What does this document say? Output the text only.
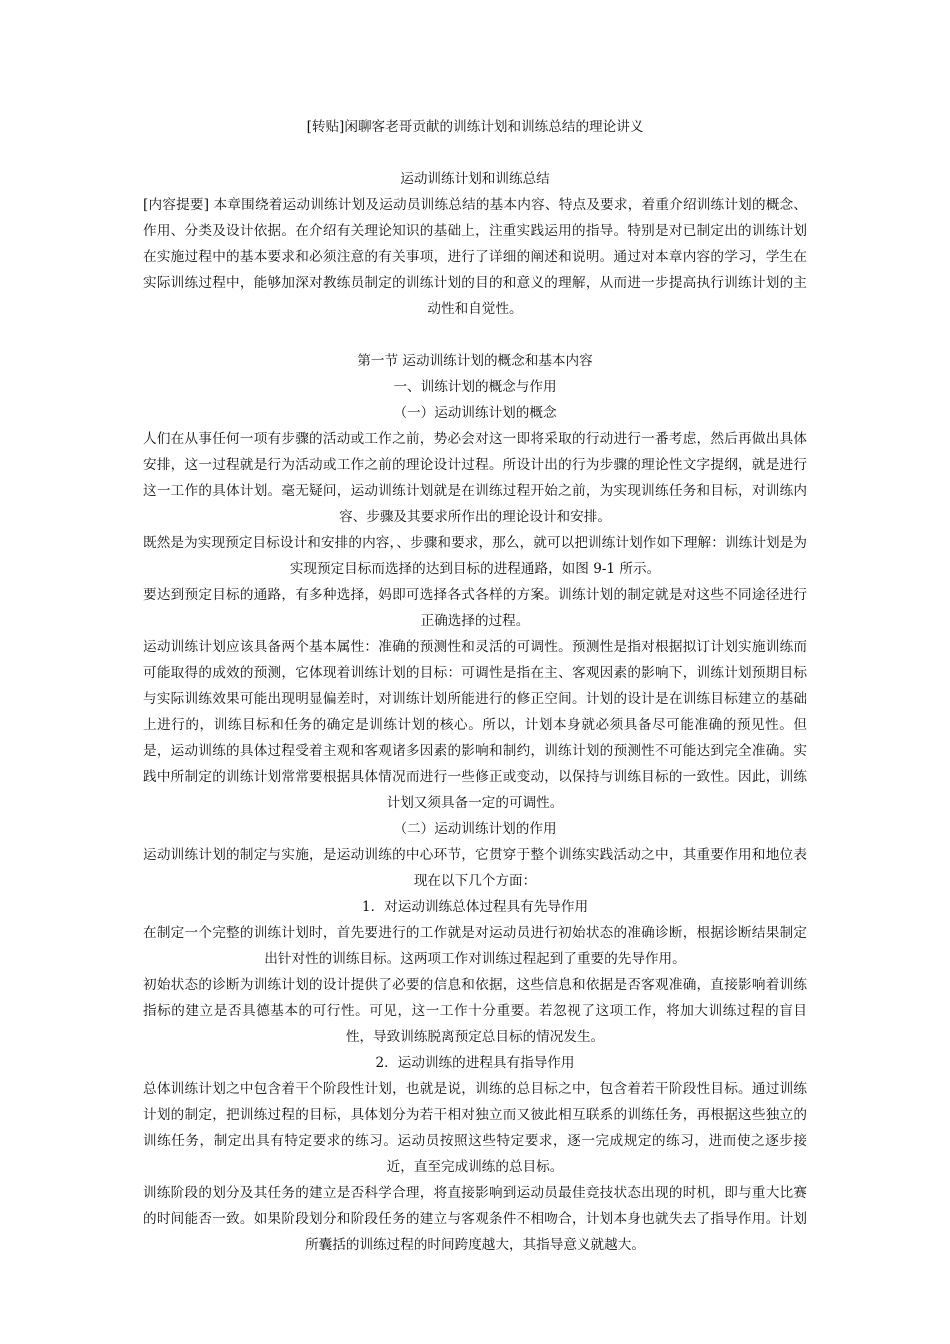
[转贴]闲聊客老哥贡献的训练计划和训练总结的理论讲义

运动训练计划和训练总结

[内容提要] 本章围绕着运动训练计划及运动员训练总结的基本内容、特点及要求，着重介绍训练计划的概念、作用、分类及设计依据。在介绍有关理论知识的基础上，注重实践运用的指导。特别是对已制定出的训练计划在实施过程中的基本要求和必须注意的有关事项，进行了详细的阐述和说明。通过对本章内容的学习，学生在实际训练过程中，能够加深对教练员制定的训练计划的目的和意义的理解，从而进一步提高执行训练计划的主动性和自觉性。

第一节 运动训练计划的概念和基本内容

一、训练计划的概念与作用

（一）运动训练计划的概念

人们在从事任何一项有步骤的活动或工作之前，势必会对这一即将采取的行动进行一番考虑，然后再做出具体安排，这一过程就是行为活动或工作之前的理论设计过程。所设计出的行为步骤的理论性文字提纲，就是进行这一工作的具体计划。毫无疑问，运动训练计划就是在训练过程开始之前，为实现训练任务和目标，对训练内容、步骤及其要求所作出的理论设计和安排。

既然是为实现预定目标设计和安排的内容，、步骤和要求，那么，就可以把训练计划作如下理解：训练计划是为实现预定目标而选择的达到目标的进程通路，如图 9-1 所示。

要达到预定目标的通路，有多种选择，妈即可选择各式各样的方案。训练计划的制定就是对这些不同途径进行正确选择的过程。

运动训练计划应该具备两个基本属性：准确的预测性和灵活的可调性。预测性是指对根据拟订计划实施训练而可能取得的成效的预测，它体现着训练计划的目标：可调性是指在主、客观因素的影响下，训练计划预期目标与实际训练效果可能出现明显偏差时，对训练计划所能进行的修正空间。计划的设计是在训练目标建立的基础上进行的，训练目标和任务的确定是训练计划的核心。所以，计划本身就必须具备尽可能准确的预见性。但是，运动训练的具体过程受着主观和客观诸多因素的影响和制约，训练计划的预测性不可能达到完全准确。实践中所制定的训练计划常常要根据具体情况而进行一些修正或变动，以保持与训练目标的一致性。因此，训练计划又须具备一定的可调性。

（二）运动训练计划的作用

运动训练计划的制定与实施，是运动训练的中心环节，它贯穿于整个训练实践活动之中，其重要作用和地位表现在以下几个方面：

1．对运动训练总体过程具有先导作用

在制定一个完整的训练计划时，首先要进行的工作就是对运动员进行初始状态的准确诊断，根据诊断结果制定出针对性的训练目标。这两项工作对训练过程起到了重要的先导作用。

初始状态的诊断为训练计划的设计提供了必要的信息和依据，这些信息和依据是否客观准确，直接影响着训练指标的建立是否具德基本的可行性。可见，这一工作十分重要。若忽视了这项工作，将加大训练过程的盲目性，导致训练脱离预定总目标的情况发生。

2．运动训练的进程具有指导作用

总体训练计划之中包含着干个阶段性计划，也就是说，训练的总目标之中，包含着若干阶段性目标。通过训练计划的制定，把训练过程的目标，具体划分为若干相对独立而又彼此相互联系的训练任务，再根据这些独立的训练任务，制定出具有特定要求的练习。运动员按照这些特定要求，逐一完成规定的练习，进而使之逐步接近，直至完成训练的总目标。

训练阶段的划分及其任务的建立是否科学合理，将直接影响到运动员最佳竞技状态出现的时机，即与重大比赛的时间能否一致。如果阶段划分和阶段任务的建立与客观条件不相吻合，计划本身也就失去了指导作用。计划所囊括的训练过程的时间跨度越大，其指导意义就越大。
